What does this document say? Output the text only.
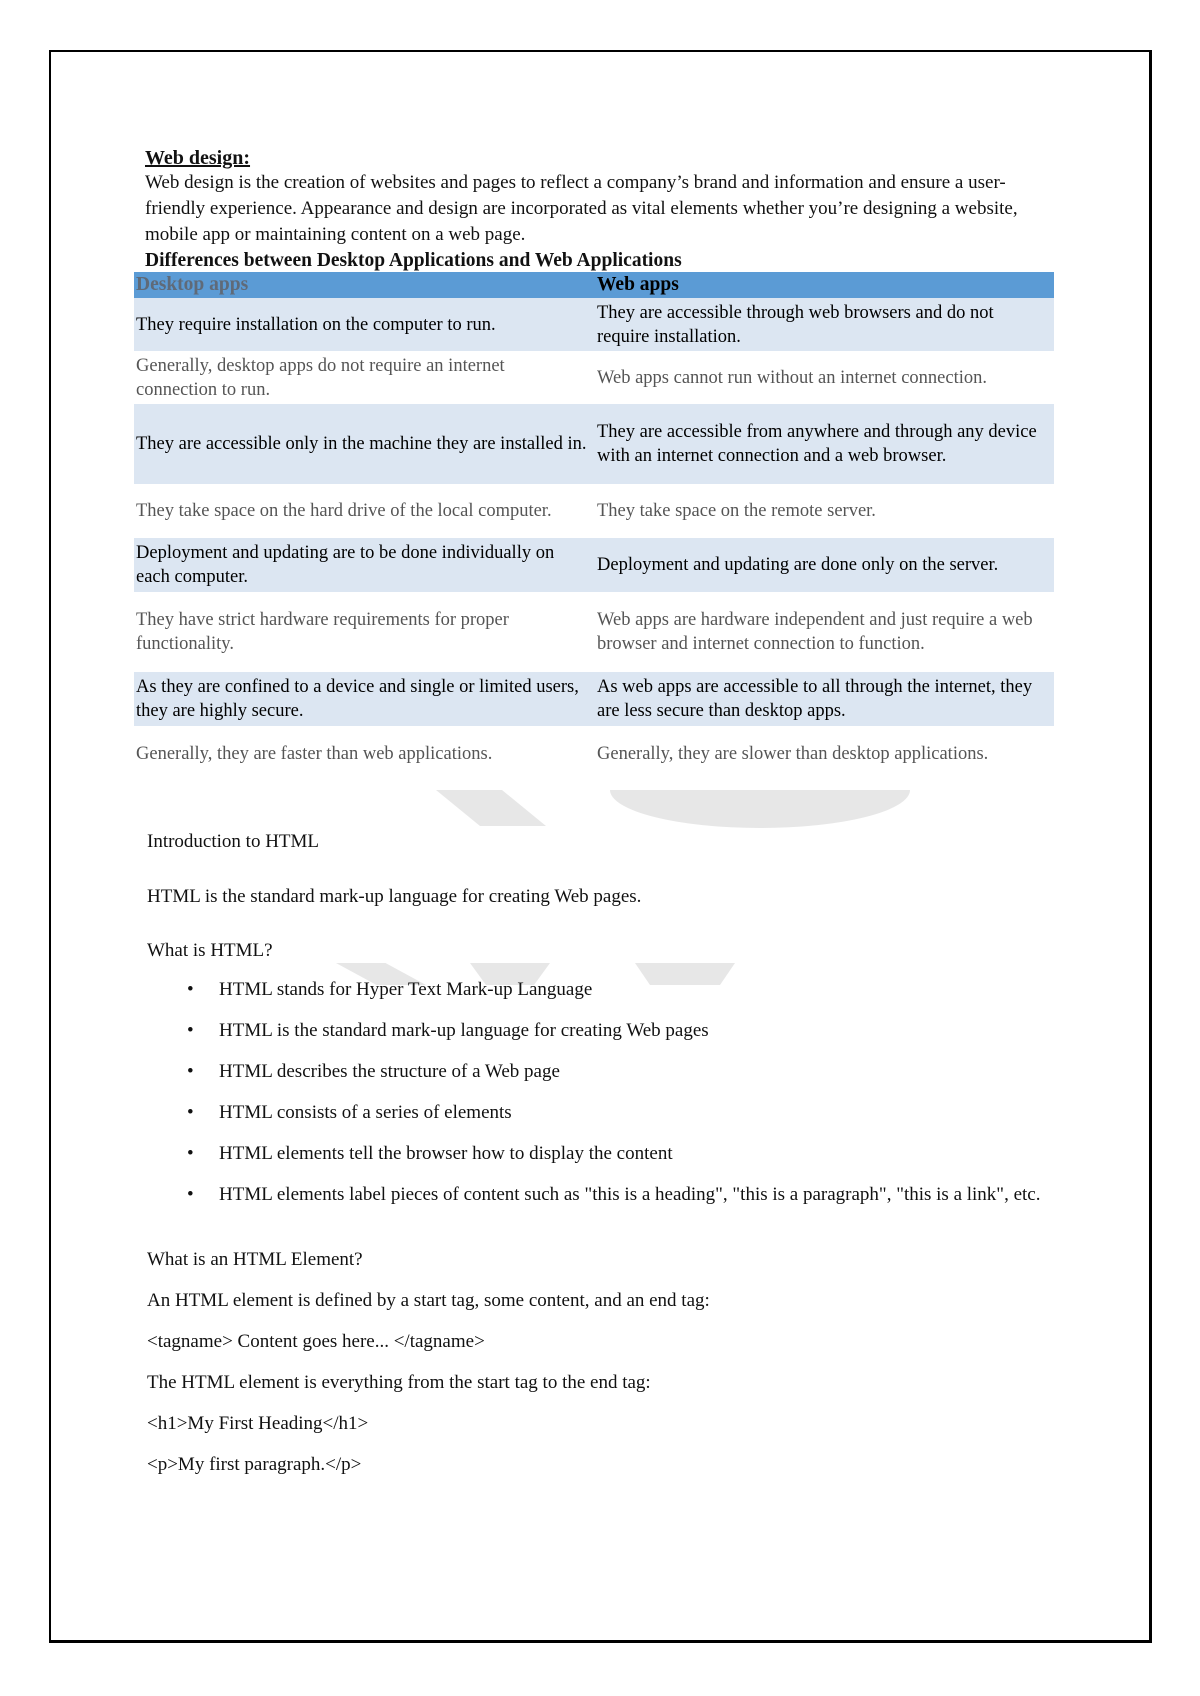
Web design:

Web design is the creation of websites and pages to reflect a company’s brand and information and ensure a user-friendly experience. Appearance and design are incorporated as vital elements whether you’re designing a website, mobile app or maintaining content on a web page.

Differences between Desktop Applications and Web Applications

Desktop apps	Web apps
They require installation on the computer to run.	They are accessible through web browsers and do not require installation.
Generally, desktop apps do not require an internet connection to run.	Web apps cannot run without an internet connection.
They are accessible only in the machine they are installed in.	They are accessible from anywhere and through any device with an internet connection and a web browser.
They take space on the hard drive of the local computer.	They take space on the remote server.
Deployment and updating are to be done individually on each computer.	Deployment and updating are done only on the server.
They have strict hardware requirements for proper functionality.	Web apps are hardware independent and just require a web browser and internet connection to function.
As they are confined to a device and single or limited users, they are highly secure.	As web apps are accessible to all through the internet, they are less secure than desktop apps.
Generally, they are faster than web applications.	Generally, they are slower than desktop applications.

Introduction to HTML

HTML is the standard mark-up language for creating Web pages.

What is HTML?

• HTML stands for Hyper Text Mark-up Language
• HTML is the standard mark-up language for creating Web pages
• HTML describes the structure of a Web page
• HTML consists of a series of elements
• HTML elements tell the browser how to display the content
• HTML elements label pieces of content such as "this is a heading", "this is a paragraph", "this is a link", etc.

What is an HTML Element?

An HTML element is defined by a start tag, some content, and an end tag:

<tagname> Content goes here... </tagname>

The HTML element is everything from the start tag to the end tag:

<h1>My First Heading</h1>

<p>My first paragraph.</p>
